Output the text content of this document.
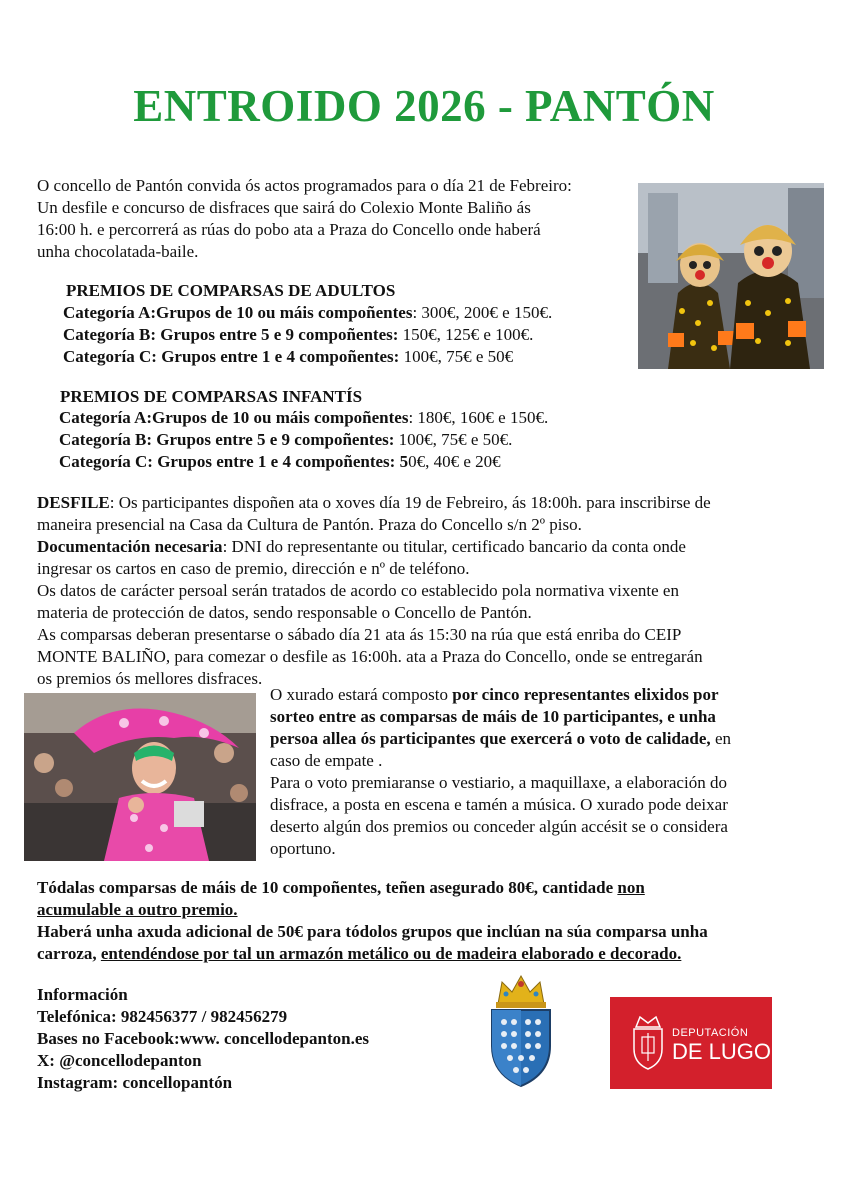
ENTROIDO 2026 - PANTÓN
O concello de Pantón convida ós actos programados para o día 21 de Febreiro:
Un desfile e concurso de disfraces que sairá do Colexio Monte Baliño ás
16:00 h. e percorrerá as rúas do pobo ata a Praza do Concello onde haberá
unha chocolatada-baile.
PREMIOS DE COMPARSAS DE ADULTOS
Categoría A:Grupos de 10 ou máis compoñentes: 300€, 200€ e 150€.
Categoría B: Grupos entre 5 e 9 compoñentes: 150€, 125€ e 100€.
Categoría C: Grupos entre 1 e 4 compoñentes: 100€, 75€ e 50€
PREMIOS DE COMPARSAS INFANTÍS
Categoría A:Grupos de 10 ou máis compoñentes: 180€, 160€ e 150€.
Categoría B: Grupos entre 5 e 9 compoñentes: 100€, 75€ e 50€.
Categoría C: Grupos entre 1 e 4 compoñentes: 50€, 40€ e 20€
DESFILE: Os participantes dispoñen ata o xoves día 19 de Febreiro, ás 18:00h. para inscribirse de
maneira presencial na Casa da Cultura de Pantón. Praza do Concello s/n 2º piso.
Documentación necesaria: DNI do representante ou titular, certificado bancario da conta onde
ingresar os cartos en caso de premio, dirección e nº de teléfono.
Os datos de carácter persoal serán tratados de acordo co establecido pola normativa vixente en
materia de protección de datos, sendo responsable o Concello de Pantón.
As comparsas deberan presentarse o sábado día 21 ata ás 15:30 na rúa que está enriba do CEIP
MONTE BALIÑO, para comezar o desfile as 16:00h. ata a Praza do Concello, onde se entregarán
os premios ós mellores disfraces.
O xurado estará composto por cinco representantes elixidos por
sorteo entre as comparsas de máis de 10 participantes, e unha
persoa allea ós participantes que exercerá o voto de calidade, en
caso de empate .
Para o voto premiaranse o vestiario, a maquillaxe, a elaboración do
disfrace, a posta en escena e tamén a música. O xurado pode deixar
deserto algún dos premios ou conceder algún accésit se o considera
oportuno.
Tódalas comparsas de máis de 10 compoñentes, teñen asegurado 80€, cantidade non
acumulable a outro premio.
Haberá unha axuda adicional de 50€ para tódolos grupos que inclúan na súa comparsa unha
carroza, entendéndose por tal un armazón metálico ou de madeira elaborado e decorado.
Información
Telefónica: 982456377 / 982456279
Bases no Facebook:www. concellodepanton.es
X: @concellodepanton
Instagram: concellopantón
DEPUTACIÓN
DE LUGO
